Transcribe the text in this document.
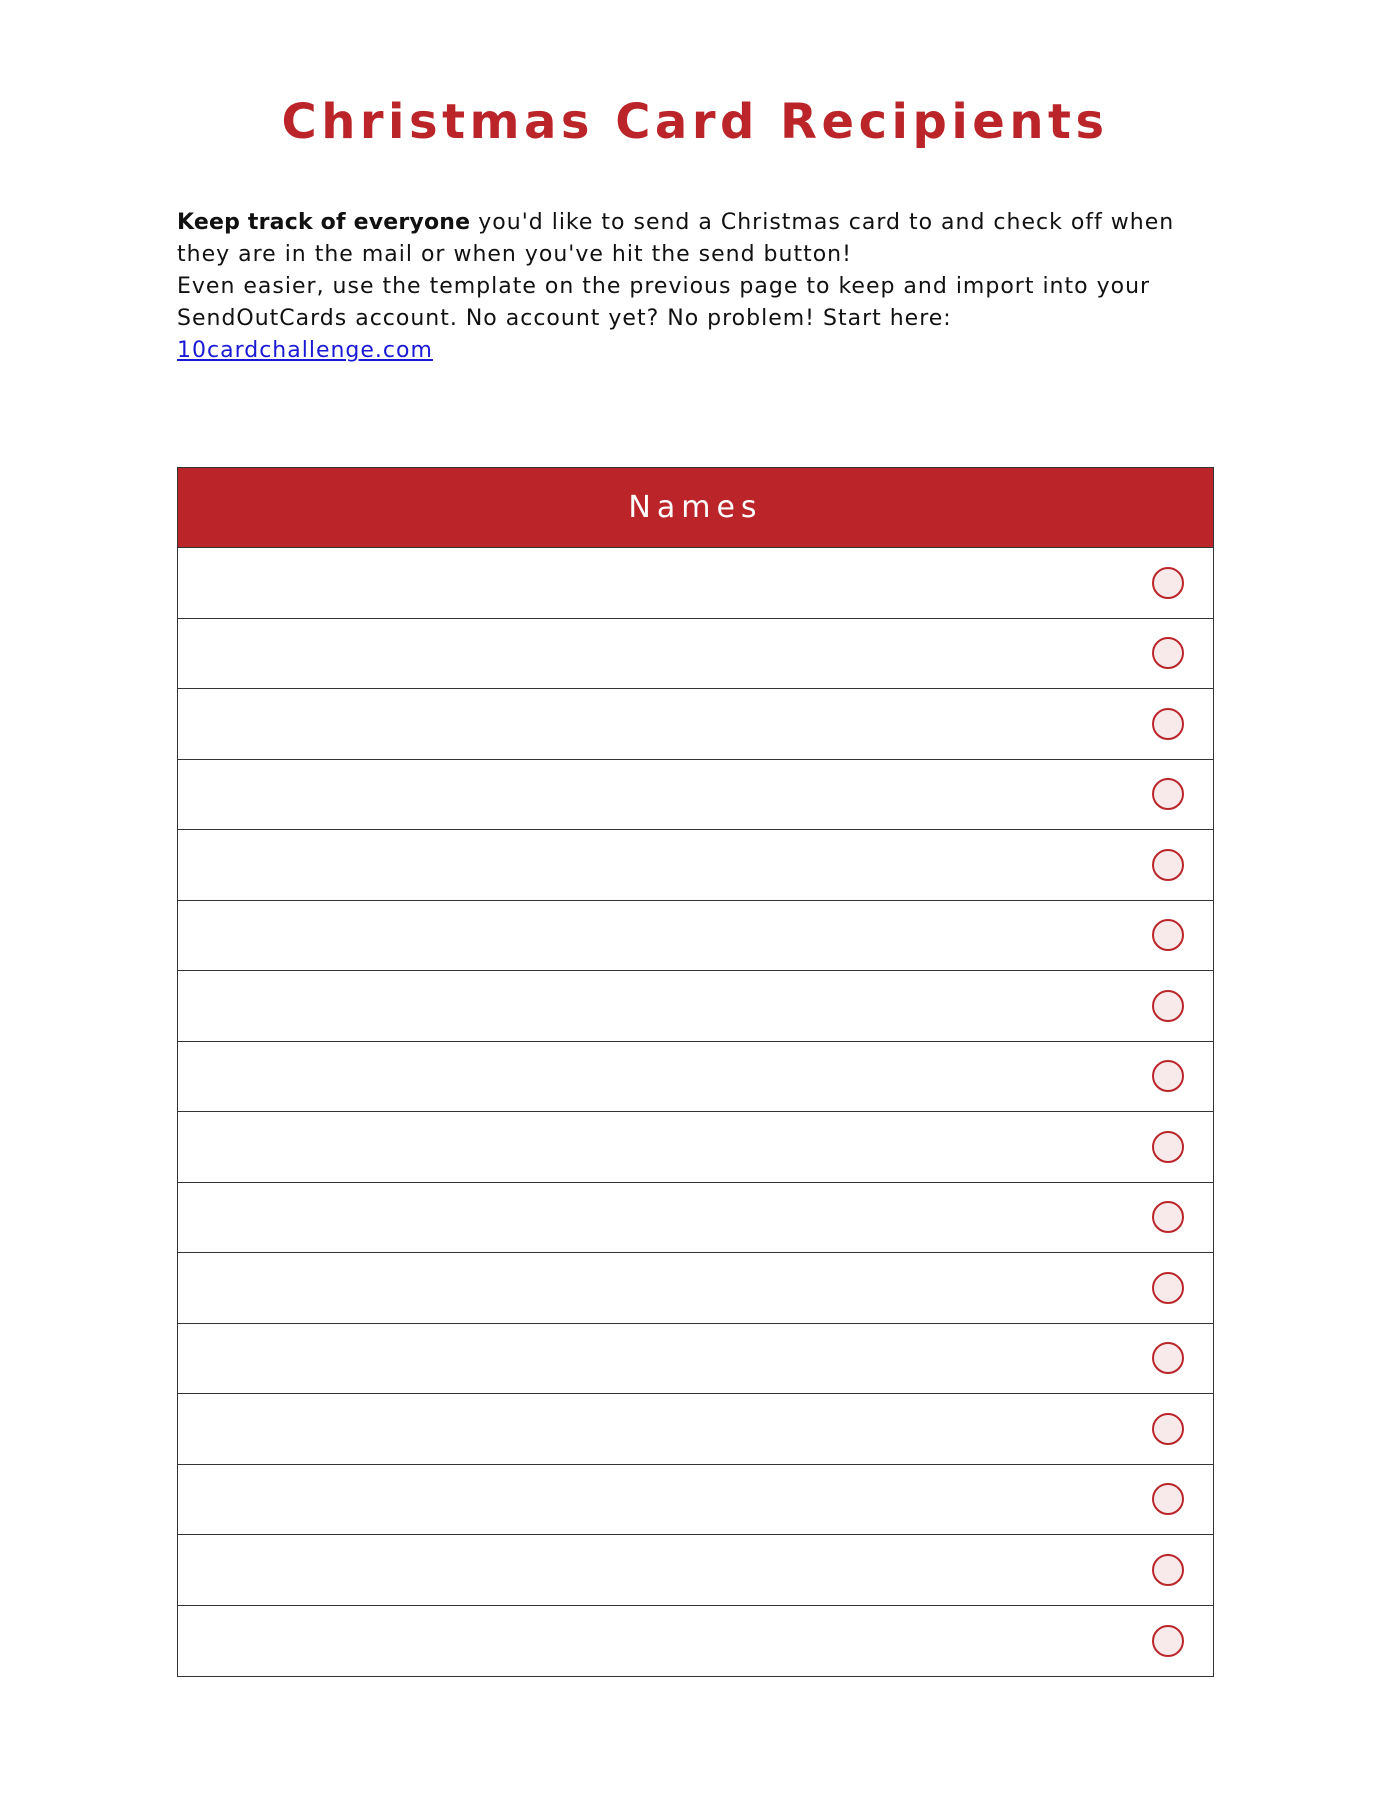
Christmas Card Recipients
Keep track of everyone you'd like to send a Christmas card to and check off when they are in the mail or when you've hit the send button!
Even easier, use the template on the previous page to keep and import into your SendOutCards account. No account yet? No problem! Start here: 10cardchallenge.com
Names
